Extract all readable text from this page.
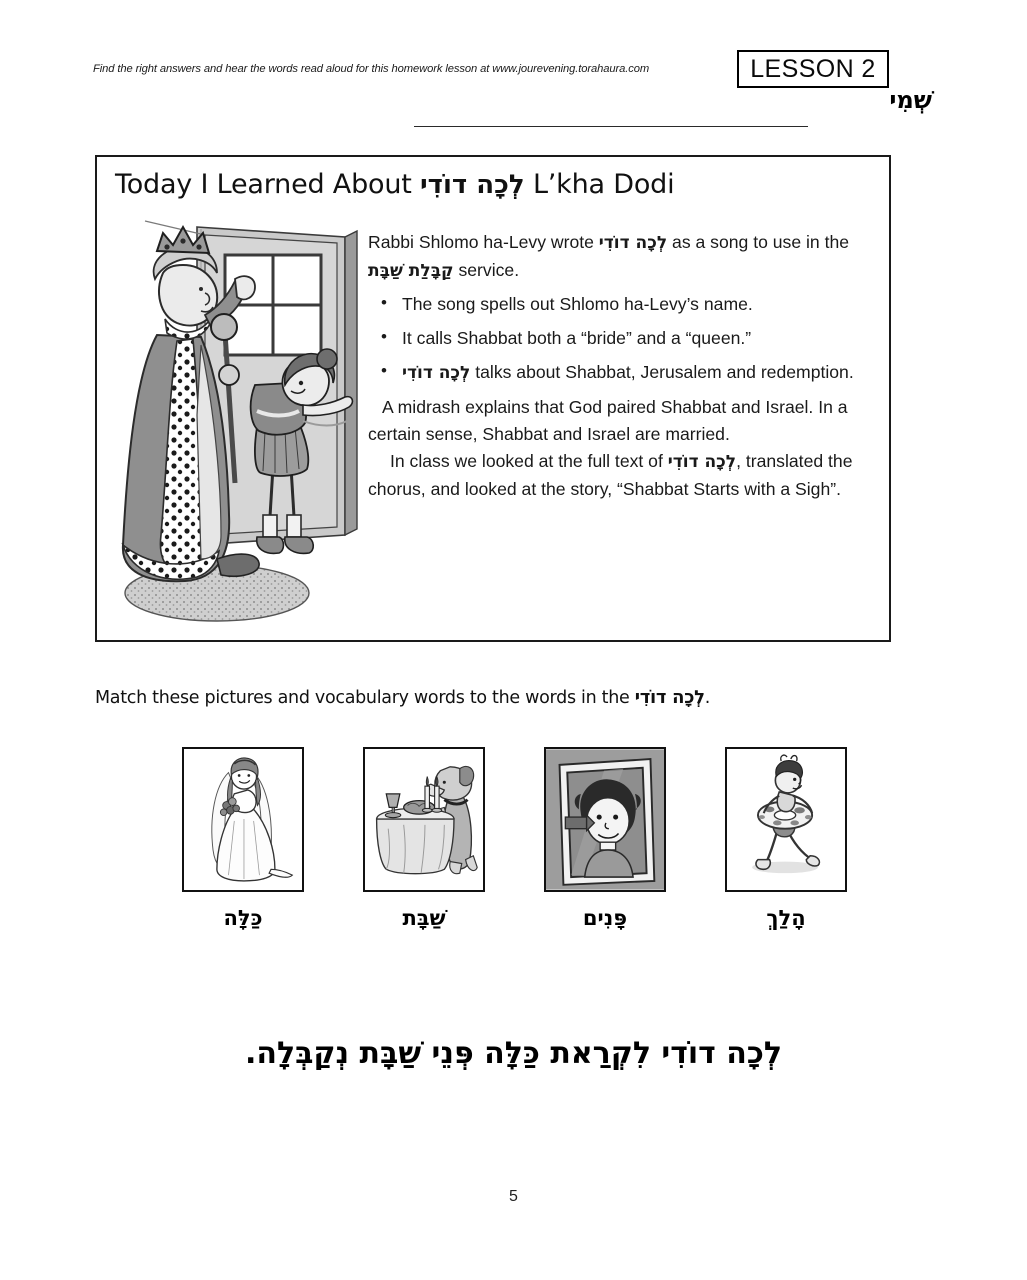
Find the right answers and hear the words read aloud for this homework lesson at www.jourevening.torahaura.com	LESSON 2
שְׁמִי
Today I Learned About לְכָה דוֹדִי L’kha Dodi

Rabbi Shlomo ha-Levy wrote לְכָה דוֹדִי as a song to use in the קַבָּלַת שַׁבָּת service.

• The song spells out Shlomo ha-Levy’s name.
• It calls Shabbat both a “bride” and a “queen.”
• לְכָה דוֹדִי talks about Shabbat, Jerusalem and redemption.

A midrash explains that God paired Shabbat and Israel. In a certain sense, Shabbat and Israel are married.

In class we looked at the full text of לְכָה דוֹדִי, translated the chorus, and looked at the story, “Shabbat Starts with a Sigh”.

Match these pictures and vocabulary words to the words in the לְכָה דוֹדִי.
כַּלָּה	שַׁבָּת	פָּנִים	הָלַךְ
לְכָה דוֹדִי לִקְרַאת כַּלָּה פְּנֵי שַׁבָּת נְקַבְּלָה.
5
